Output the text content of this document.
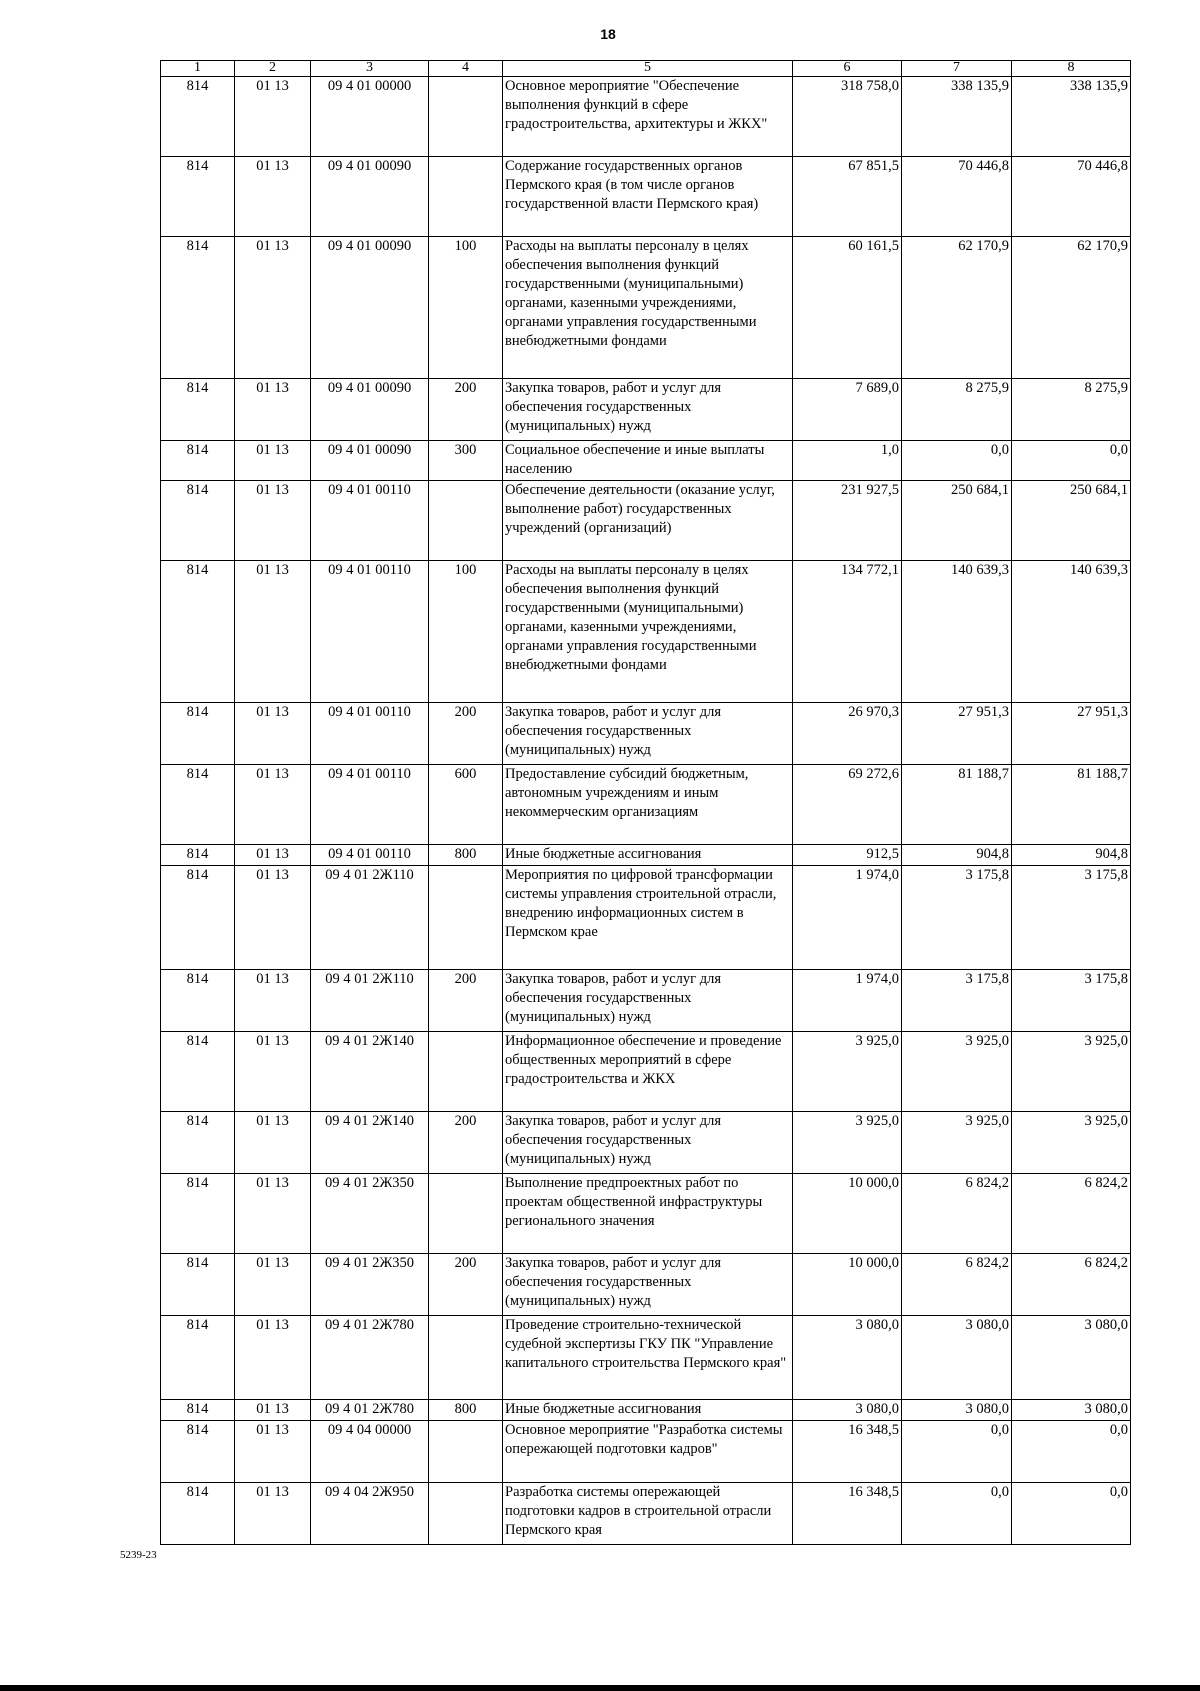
18
1	2	3	4	5	6	7	8
814	01 13	09 4 01 00000		Основное мероприятие "Обеспечение выполнения функций в сфере градостроительства, архитектуры и ЖКХ"	318 758,0	338 135,9	338 135,9
814	01 13	09 4 01 00090		Содержание государственных органов Пермского края (в том числе органов государственной власти Пермского края)	67 851,5	70 446,8	70 446,8
814	01 13	09 4 01 00090	100	Расходы на выплаты персоналу в целях обеспечения выполнения функций государственными (муниципальными) органами, казенными учреждениями, органами управления государственными внебюджетными фондами	60 161,5	62 170,9	62 170,9
814	01 13	09 4 01 00090	200	Закупка товаров, работ и услуг для обеспечения государственных (муниципальных) нужд	7 689,0	8 275,9	8 275,9
814	01 13	09 4 01 00090	300	Социальное обеспечение и иные выплаты населению	1,0	0,0	0,0
814	01 13	09 4 01 00110		Обеспечение деятельности (оказание услуг, выполнение работ) государственных учреждений (организаций)	231 927,5	250 684,1	250 684,1
814	01 13	09 4 01 00110	100	Расходы на выплаты персоналу в целях обеспечения выполнения функций государственными (муниципальными) органами, казенными учреждениями, органами управления государственными внебюджетными фондами	134 772,1	140 639,3	140 639,3
814	01 13	09 4 01 00110	200	Закупка товаров, работ и услуг для обеспечения государственных (муниципальных) нужд	26 970,3	27 951,3	27 951,3
814	01 13	09 4 01 00110	600	Предоставление субсидий бюджетным, автономным учреждениям и иным некоммерческим организациям	69 272,6	81 188,7	81 188,7
814	01 13	09 4 01 00110	800	Иные бюджетные ассигнования	912,5	904,8	904,8
814	01 13	09 4 01 2Ж110		Мероприятия по цифровой трансформации системы управления строительной отрасли, внедрению информационных систем в Пермском крае	1 974,0	3 175,8	3 175,8
814	01 13	09 4 01 2Ж110	200	Закупка товаров, работ и услуг для обеспечения государственных (муниципальных) нужд	1 974,0	3 175,8	3 175,8
814	01 13	09 4 01 2Ж140		Информационное обеспечение и проведение общественных мероприятий в сфере градостроительства и ЖКХ	3 925,0	3 925,0	3 925,0
814	01 13	09 4 01 2Ж140	200	Закупка товаров, работ и услуг для обеспечения государственных (муниципальных) нужд	3 925,0	3 925,0	3 925,0
814	01 13	09 4 01 2Ж350		Выполнение предпроектных работ по проектам общественной инфраструктуры регионального значения	10 000,0	6 824,2	6 824,2
814	01 13	09 4 01 2Ж350	200	Закупка товаров, работ и услуг для обеспечения государственных (муниципальных) нужд	10 000,0	6 824,2	6 824,2
814	01 13	09 4 01 2Ж780		Проведение строительно-технической судебной экспертизы ГКУ ПК "Управление капитального строительства Пермского края"	3 080,0	3 080,0	3 080,0
814	01 13	09 4 01 2Ж780	800	Иные бюджетные ассигнования	3 080,0	3 080,0	3 080,0
814	01 13	09 4 04 00000		Основное мероприятие "Разработка системы опережающей подготовки кадров"	16 348,5	0,0	0,0
814	01 13	09 4 04 2Ж950		Разработка системы опережающей подготовки кадров в строительной отрасли Пермского края	16 348,5	0,0	0,0
5239-23
